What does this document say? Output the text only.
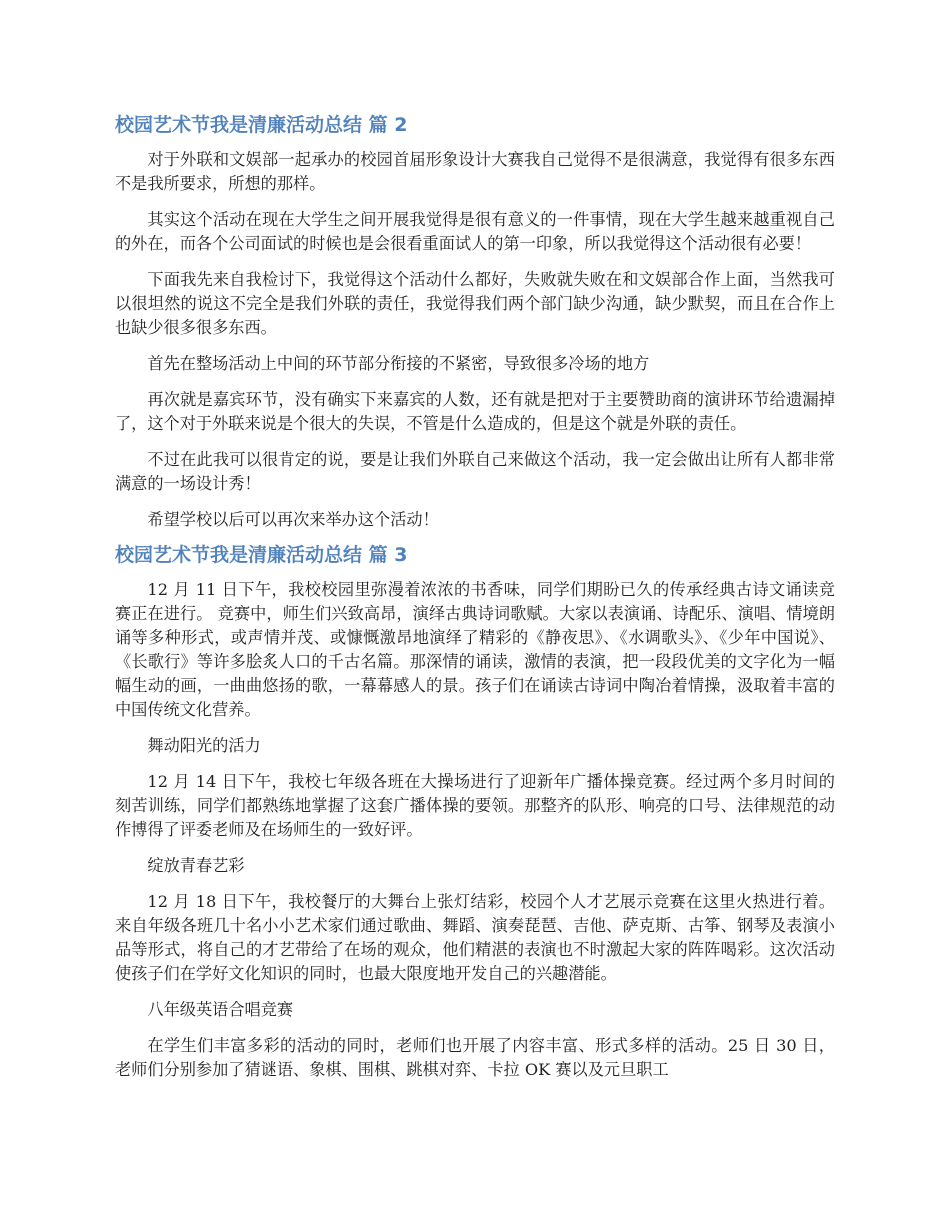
校园艺术节我是清廉活动总结 篇 2

对于外联和文娱部一起承办的校园首届形象设计大赛我自己觉得不是很满意，我觉得有很多东西不是我所要求，所想的那样。

其实这个活动在现在大学生之间开展我觉得是很有意义的一件事情，现在大学生越来越重视自己的外在，而各个公司面试的时候也是会很看重面试人的第一印象，所以我觉得这个活动很有必要！

下面我先来自我检讨下，我觉得这个活动什么都好，失败就失败在和文娱部合作上面，当然我可以很坦然的说这不完全是我们外联的责任，我觉得我们两个部门缺少沟通，缺少默契，而且在合作上也缺少很多很多东西。

首先在整场活动上中间的环节部分衔接的不紧密，导致很多冷场的地方

再次就是嘉宾环节，没有确实下来嘉宾的人数，还有就是把对于主要赞助商的演讲环节给遗漏掉了，这个对于外联来说是个很大的失误，不管是什么造成的，但是这个就是外联的责任。

不过在此我可以很肯定的说，要是让我们外联自己来做这个活动，我一定会做出让所有人都非常满意的一场设计秀！

希望学校以后可以再次来举办这个活动！

校园艺术节我是清廉活动总结 篇 3

12 月 11 日下午，我校校园里弥漫着浓浓的书香味，同学们期盼已久的传承经典古诗文诵读竞赛正在进行。 竞赛中，师生们兴致高昂，演绎古典诗词歌赋。大家以表演诵、诗配乐、演唱、情境朗诵等多种形式，或声情并茂、或慷慨激昂地演绎了精彩的《静夜思》、《水调歌头》、《少年中国说》、《长歌行》等许多脍炙人口的千古名篇。那深情的诵读，激情的表演，把一段段优美的文字化为一幅幅生动的画，一曲曲悠扬的歌，一幕幕感人的景。孩子们在诵读古诗词中陶冶着情操，汲取着丰富的中国传统文化营养。

舞动阳光的活力

12 月 14 日下午，我校七年级各班在大操场进行了迎新年广播体操竞赛。经过两个多月时间的刻苦训练，同学们都熟练地掌握了这套广播体操的要领。那整齐的队形、响亮的口号、法律规范的动作博得了评委老师及在场师生的一致好评。

绽放青春艺彩

12 月 18 日下午，我校餐厅的大舞台上张灯结彩，校园个人才艺展示竞赛在这里火热进行着。来自年级各班几十名小小艺术家们通过歌曲、舞蹈、演奏琵琶、吉他、萨克斯、古筝、钢琴及表演小品等形式，将自己的才艺带给了在场的观众，他们精湛的表演也不时激起大家的阵阵喝彩。这次活动使孩子们在学好文化知识的同时，也最大限度地开发自己的兴趣潜能。

八年级英语合唱竞赛

在学生们丰富多彩的活动的同时，老师们也开展了内容丰富、形式多样的活动。25 日 30 日，老师们分别参加了猜谜语、象棋、围棋、跳棋对弈、卡拉 OK 赛以及元旦职工
